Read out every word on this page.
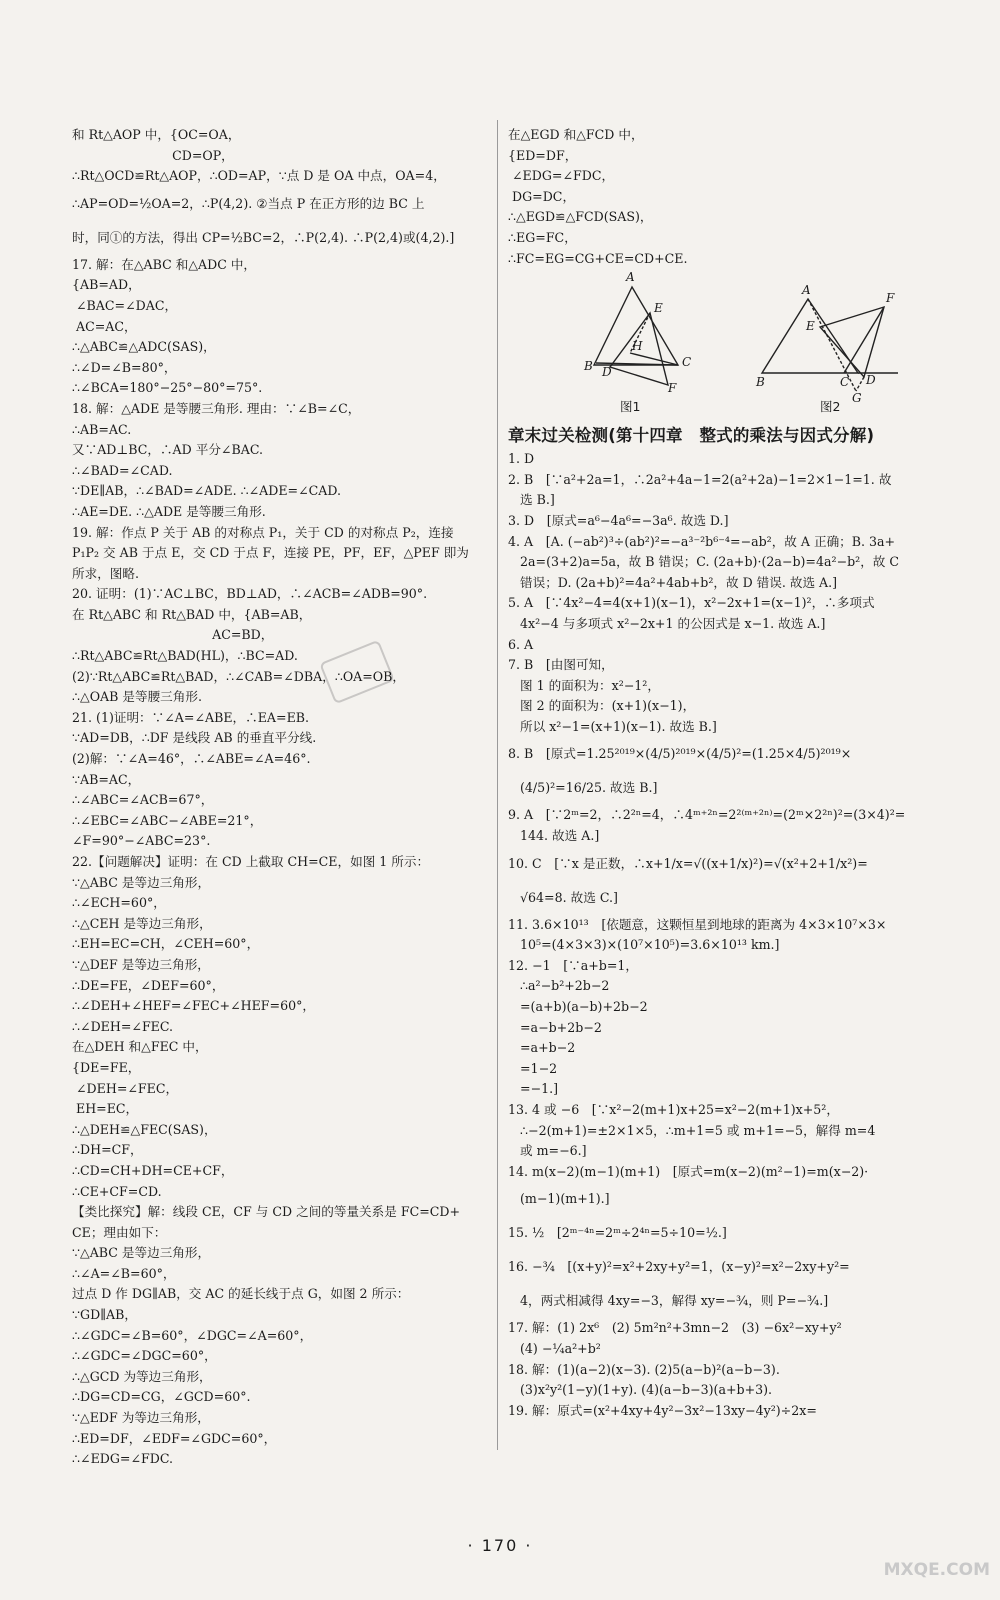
和 Rt△AOP 中，{OC=OA，
CD=OP，
∴Rt△OCD≌Rt△AOP，∴OD=AP，∵点 D 是 OA 中点，OA=4，
∴AP=OD=½OA=2，∴P(4,2). ②当点 P 在正方形的边 BC 上
时，同①的方法，得出 CP=½BC=2，∴P(2,4). ∴P(2,4)或(4,2).]
17. 解：在△ABC 和△ADC 中，
{AB=AD，
∠BAC=∠DAC，
AC=AC，
∴△ABC≌△ADC(SAS)，
∴∠D=∠B=80°，
∴∠BCA=180°−25°−80°=75°.
18. 解：△ADE 是等腰三角形. 理由：∵∠B=∠C，
∴AB=AC.
又∵AD⊥BC，∴AD 平分∠BAC.
∴∠BAD=∠CAD.
∵DE∥AB，∴∠BAD=∠ADE. ∴∠ADE=∠CAD.
∴AE=DE. ∴△ADE 是等腰三角形.
19. 解：作点 P 关于 AB 的对称点 P₁，关于 CD 的对称点 P₂，连接
P₁P₂ 交 AB 于点 E，交 CD 于点 F，连接 PE，PF，EF，△PEF 即为
所求，图略.
20. 证明：(1)∵AC⊥BC，BD⊥AD，∴∠ACB=∠ADB=90°.
在 Rt△ABC 和 Rt△BAD 中，{AB=AB，
AC=BD，
∴Rt△ABC≌Rt△BAD(HL)，∴BC=AD.
(2)∵Rt△ABC≌Rt△BAD，∴∠CAB=∠DBA，∴OA=OB，
∴△OAB 是等腰三角形.
21. (1)证明：∵∠A=∠ABE，∴EA=EB.
∵AD=DB，∴DF 是线段 AB 的垂直平分线.
(2)解：∵∠A=46°，∴∠ABE=∠A=46°.
∵AB=AC，
∴∠ABC=∠ACB=67°，
∴∠EBC=∠ABC−∠ABE=21°，
∠F=90°−∠ABC=23°.
22.【问题解决】证明：在 CD 上截取 CH=CE，如图 1 所示：
∵△ABC 是等边三角形，
∴∠ECH=60°，
∴△CEH 是等边三角形，
∴EH=EC=CH，∠CEH=60°，
∵△DEF 是等边三角形，
∴DE=FE，∠DEF=60°，
∴∠DEH+∠HEF=∠FEC+∠HEF=60°，
∴∠DEH=∠FEC.
在△DEH 和△FEC 中，
{DE=FE，
∠DEH=∠FEC，
EH=EC，
∴△DEH≌△FEC(SAS)，
∴DH=CF，
∴CD=CH+DH=CE+CF，
∴CE+CF=CD.
【类比探究】解：线段 CE，CF 与 CD 之间的等量关系是 FC=CD+
CE；理由如下：
∵△ABC 是等边三角形，
∴∠A=∠B=60°，
过点 D 作 DG∥AB，交 AC 的延长线于点 G，如图 2 所示：
∵GD∥AB，
∴∠GDC=∠B=60°，∠DGC=∠A=60°，
∴∠GDC=∠DGC=60°，
∴△GCD 为等边三角形，
∴DG=CD=CG，∠GCD=60°.
∵△EDF 为等边三角形，
∴ED=DF，∠EDF=∠GDC=60°，
∴∠EDG=∠FDC.
在△EGD 和△FCD 中，
{ED=DF，
∠EDG=∠FDC，
DG=DC，
∴△EGD≌△FCD(SAS)，
∴EG=FC，
∴FC=EG=CG+CE=CD+CE.
A
E
H
B D
C
F
图1
A
F
E
B	C D
G
图2
章末过关检测(第十四章　整式的乘法与因式分解)
1. D
2. B　[∵a²+2a=1，∴2a²+4a−1=2(a²+2a)−1=2×1−1=1. 故
选 B.]
3. D　[原式=a⁶−4a⁶=−3a⁶. 故选 D.]
4. A　[A. (−ab²)³÷(ab²)²=−a³⁻²b⁶⁻⁴=−ab²，故 A 正确；B. 3a+
2a=(3+2)a=5a，故 B 错误；C. (2a+b)·(2a−b)=4a²−b²，故 C
错误；D. (2a+b)²=4a²+4ab+b²，故 D 错误. 故选 A.]
5. A　[∵4x²−4=4(x+1)(x−1)，x²−2x+1=(x−1)²，∴多项式
4x²−4 与多项式 x²−2x+1 的公因式是 x−1. 故选 A.]
6. A
7. B　[由图可知，
图 1 的面积为：x²−1²，
图 2 的面积为：(x+1)(x−1)，
所以 x²−1=(x+1)(x−1). 故选 B.]
8. B　[原式=1.25²⁰¹⁹×(4/5)²⁰¹⁹×(4/5)²=(1.25×4/5)²⁰¹⁹×
(4/5)²=16/25. 故选 B.]
9. A　[∵2ᵐ=2，∴2²ⁿ=4，∴4ᵐ⁺²ⁿ=2²⁽ᵐ⁺²ⁿ⁾=(2ᵐ×2²ⁿ)²=(3×4)²=
144. 故选 A.]
10. C　[∵x 是正数，∴x+1/x=√((x+1/x)²)=√(x²+2+1/x²)=
√64=8. 故选 C.]
11. 3.6×10¹³　[依题意，这颗恒星到地球的距离为 4×3×10⁷×3×
10⁵=(4×3×3)×(10⁷×10⁵)=3.6×10¹³ km.]
12. −1　[∵a+b=1，
∴a²−b²+2b−2
=(a+b)(a−b)+2b−2
=a−b+2b−2
=a+b−2
=1−2
=−1.]
13. 4 或 −6　[∵x²−2(m+1)x+25=x²−2(m+1)x+5²，
∴−2(m+1)=±2×1×5，∴m+1=5 或 m+1=−5，解得 m=4
或 m=−6.]
14. m(x−2)(m−1)(m+1)　[原式=m(x−2)(m²−1)=m(x−2)·
(m−1)(m+1).]
15. ½　[2ᵐ⁻⁴ⁿ=2ᵐ÷2⁴ⁿ=5÷10=½.]
16. −¾　[(x+y)²=x²+2xy+y²=1，(x−y)²=x²−2xy+y²=
4，两式相减得 4xy=−3，解得 xy=−¾，则 P=−¾.]
17. 解：(1) 2x⁶　(2) 5m²n²+3mn−2　(3) −6x²−xy+y²
(4) −¼a²+b²
18. 解：(1)(a−2)(x−3). (2)5(a−b)²(a−b−3).
(3)x²y²(1−y)(1+y). (4)(a−b−3)(a+b+3).
19. 解：原式=(x²+4xy+4y²−3x²−13xy−4y²)÷2x=
· 170 ·
MXQE.COM
